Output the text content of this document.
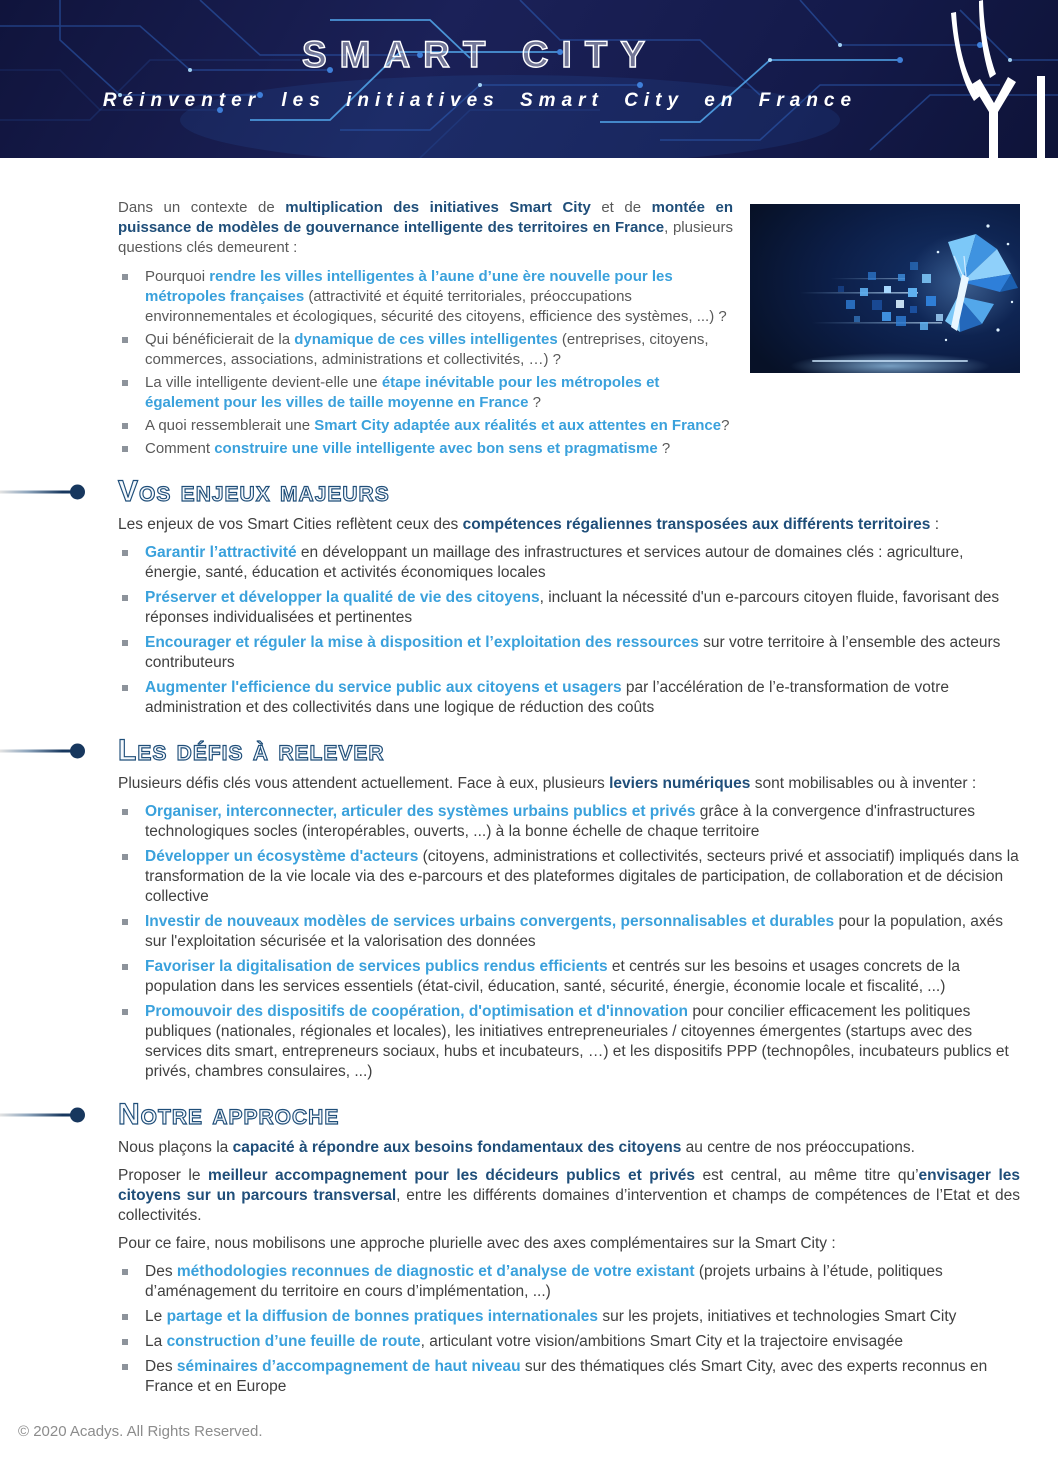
SMART CITY
Réinventer les initiatives Smart City en France

Dans un contexte de multiplication des initiatives Smart City et de montée en puissance de modèles de gouvernance intelligente des territoires en France, plusieurs questions clés demeurent :

Pourquoi rendre les villes intelligentes à l’aune d’une ère nouvelle pour les métropoles françaises (attractivité et équité territoriales, préoccupations environnementales et écologiques, sécurité des citoyens, efficience des systèmes, ...) ?
Qui bénéficierait de la dynamique de ces villes intelligentes (entreprises, citoyens, commerces, associations, administrations et collectivités, …) ?
La ville intelligente devient-elle une étape inévitable pour les métropoles et également pour les villes de taille moyenne en France ?
A quoi ressemblerait une Smart City adaptée aux réalités et aux attentes en France?
Comment construire une ville intelligente avec bon sens et pragmatisme ?
Vos enjeux majeurs

Les enjeux de vos Smart Cities reflètent ceux des compétences régaliennes transposées aux différents territoires :

Garantir l’attractivité en développant un maillage des infrastructures et services autour de domaines clés : agriculture, énergie, santé, éducation et activités économiques locales
Préserver et développer la qualité de vie des citoyens, incluant la nécessité d'un e-parcours citoyen fluide, favorisant des réponses individualisées et pertinentes
Encourager et réguler la mise à disposition et l’exploitation des ressources sur votre territoire à l’ensemble des acteurs contributeurs
Augmenter l'efficience du service public aux citoyens et usagers par l’accélération de l’e-transformation de votre administration et des collectivités dans une logique de réduction des coûts
Les défis à relever

Plusieurs défis clés vous attendent actuellement. Face à eux, plusieurs leviers numériques sont mobilisables ou à inventer :

Organiser, interconnecter, articuler des systèmes urbains publics et privés grâce à la convergence d'infrastructures technologiques socles (interopérables, ouverts, ...) à la bonne échelle de chaque territoire
Développer un écosystème d'acteurs (citoyens, administrations et collectivités, secteurs privé et associatif) impliqués dans la transformation de la vie locale via des e-parcours et des plateformes digitales de participation, de collaboration et de décision collective
Investir de nouveaux modèles de services urbains convergents, personnalisables et durables pour la population, axés sur l'exploitation sécurisée et la valorisation des données
Favoriser la digitalisation de services publics rendus efficients et centrés sur les besoins et usages concrets de la population dans les services essentiels (état-civil, éducation, santé, sécurité, énergie, économie locale et fiscalité, ...)
Promouvoir des dispositifs de coopération, d'optimisation et d'innovation pour concilier efficacement les politiques publiques (nationales, régionales et locales), les initiatives entrepreneuriales / citoyennes émergentes (startups avec des services dits smart, entrepreneurs sociaux, hubs et incubateurs, …) et les dispositifs PPP (technopôles, incubateurs publics et privés, chambres consulaires, ...)
Notre approche

Nous plaçons la capacité à répondre aux besoins fondamentaux des citoyens au centre de nos préoccupations.

Proposer le meilleur accompagnement pour les décideurs publics et privés est central, au même titre qu’envisager les citoyens sur un parcours transversal, entre les différents domaines d’intervention et champs de compétences de l’Etat et des collectivités.

Pour ce faire, nous mobilisons une approche plurielle avec des axes complémentaires sur la Smart City :

Des méthodologies reconnues de diagnostic et d’analyse de votre existant (projets urbains à l’étude, politiques d’aménagement du territoire en cours d’implémentation, ...)
Le partage et la diffusion de bonnes pratiques internationales sur les projets, initiatives et technologies Smart City
La construction d’une feuille de route, articulant votre vision/ambitions Smart City et la trajectoire envisagée
Des séminaires d’accompagnement de haut niveau sur des thématiques clés Smart City, avec des experts reconnus en France et en Europe
© 2020 Acadys. All Rights Reserved.
